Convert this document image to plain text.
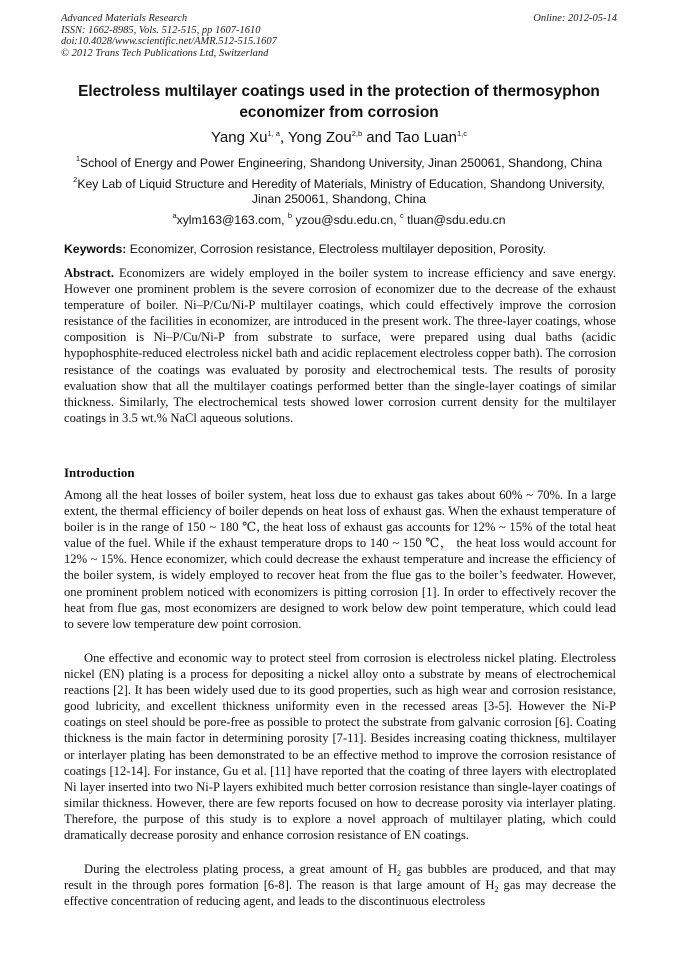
Advanced Materials Research
ISSN: 1662-8985, Vols. 512-515, pp 1607-1610
doi:10.4028/www.scientific.net/AMR.512-515.1607
© 2012 Trans Tech Publications Ltd, Switzerland
Online: 2012-05-14
Electroless multilayer coatings used in the protection of thermosyphon economizer from corrosion
Yang Xu$^{1, a}$, Yong Zou$^{2,b}$ and Tao Luan$^{1,c}$
$^1$School of Energy and Power Engineering, Shandong University, Jinan 250061, Shandong, China
$^2$Key Lab of Liquid Structure and Heredity of Materials, Ministry of Education, Shandong University, Jinan 250061, Shandong, China
$^a$xylm163@163.com, $^b$ yzou@sdu.edu.cn, $^c$ tluan@sdu.edu.cn
Keywords: Economizer, Corrosion resistance, Electroless multilayer deposition, Porosity.

Abstract. Economizers are widely employed in the boiler system to increase efficiency and save energy. However one prominent problem is the severe corrosion of economizer due to the decrease of the exhaust temperature of boiler. Ni–P/Cu/Ni-P multilayer coatings, which could effectively improve the corrosion resistance of the facilities in economizer, are introduced in the present work. The three-layer coatings, whose composition is Ni–P/Cu/Ni-P from substrate to surface, were prepared using dual baths (acidic hypophosphite-reduced electroless nickel bath and acidic replacement electroless copper bath). The corrosion resistance of the coatings was evaluated by porosity and electrochemical tests. The results of porosity evaluation show that all the multilayer coatings performed better than the single-layer coatings of similar thickness. Similarly, The electrochemical tests showed lower corrosion current density for the multilayer coatings in 3.5 wt.% NaCl aqueous solutions.

Introduction

Among all the heat losses of boiler system, heat loss due to exhaust gas takes about 60% ~ 70%. In a large extent, the thermal efficiency of boiler depends on heat loss of exhaust gas. When the exhaust temperature of boiler is in the range of 150 ~ 180 ℃, the heat loss of exhaust gas accounts for 12% ~ 15% of the total heat value of the fuel. While if the exhaust temperature drops to 140 ~ 150 ℃， the heat loss would account for 12% ~ 15%. Hence economizer, which could decrease the exhaust temperature and increase the efficiency of the boiler system, is widely employed to recover heat from the flue gas to the boiler’s feedwater. However, one prominent problem noticed with economizers is pitting corrosion [1]. In order to effectively recover the heat from flue gas, most economizers are designed to work below dew point temperature, which could lead to severe low temperature dew point corrosion.

One effective and economic way to protect steel from corrosion is electroless nickel plating. Electroless nickel (EN) plating is a process for depositing a nickel alloy onto a substrate by means of electrochemical reactions [2]. It has been widely used due to its good properties, such as high wear and corrosion resistance, good lubricity, and excellent thickness uniformity even in the recessed areas [3-5]. However the Ni-P coatings on steel should be pore-free as possible to protect the substrate from galvanic corrosion [6]. Coating thickness is the main factor in determining porosity [7-11]. Besides increasing coating thickness, multilayer or interlayer plating has been demonstrated to be an effective method to improve the corrosion resistance of coatings [12-14]. For instance, Gu et al. [11] have reported that the coating of three layers with electroplated Ni layer inserted into two Ni-P layers exhibited much better corrosion resistance than single-layer coatings of similar thickness. However, there are few reports focused on how to decrease porosity via interlayer plating. Therefore, the purpose of this study is to explore a novel approach of multilayer plating, which could dramatically decrease porosity and enhance corrosion resistance of EN coatings.

During the electroless plating process, a great amount of $H_2$ gas bubbles are produced, and that may result in the through pores formation [6-8]. The reason is that large amount of $H_2$ gas may decrease the effective concentration of reducing agent, and leads to the discontinuous electroless
